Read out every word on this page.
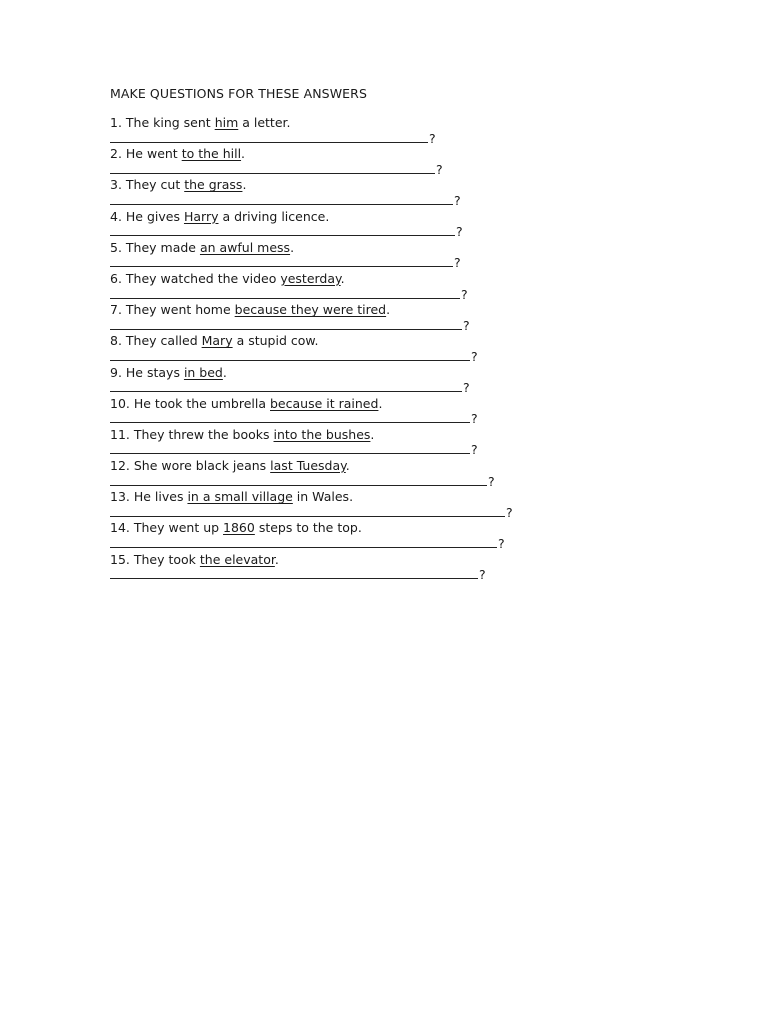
MAKE QUESTIONS FOR THESE ANSWERS
1. The king sent him a letter.
?
2. He went to the hill.
?
3. They cut the grass.
?
4. He gives Harry a driving licence.
?
5. They made an awful mess.
?
6. They watched the video yesterday.
?
7. They went home because they were tired.
?
8. They called Mary a stupid cow.
?
9. He stays in bed.
?
10. He took the umbrella because it rained.
?
11. They threw the books into the bushes.
?
12. She wore black jeans last Tuesday.
?
13. He lives in a small village in Wales.
?
14. They went up 1860 steps to the top.
?
15. They took the elevator.
?
